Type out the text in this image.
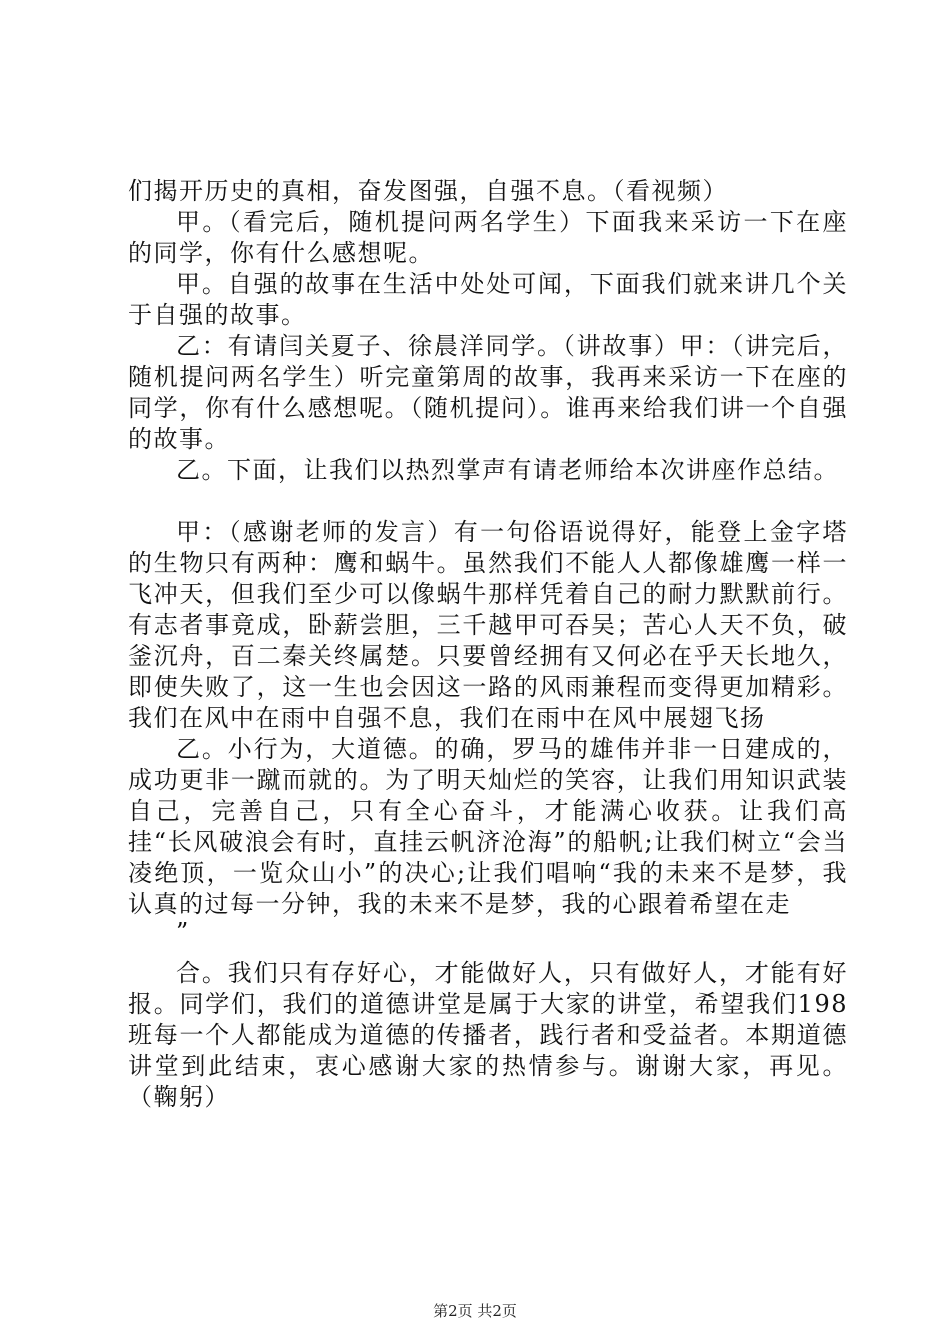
们揭开历史的真相，奋发图强，自强不息。（看视频）

甲。（看完后，随机提问两名学生）下面我来采访一下在座的同学，你有什么感想呢。

甲。自强的故事在生活中处处可闻，下面我们就来讲几个关于自强的故事。

乙：有请闫关夏子、徐晨洋同学。（讲故事）甲：（讲完后，随机提问两名学生）听完童第周的故事，我再来采访一下在座的同学，你有什么感想呢。（随机提问）。谁再来给我们讲一个自强的故事。

乙。下面，让我们以热烈掌声有请老师给本次讲座作总结。

甲：（感谢老师的发言）有一句俗语说得好，能登上金字塔的生物只有两种：鹰和蜗牛。虽然我们不能人人都像雄鹰一样一飞冲天，但我们至少可以像蜗牛那样凭着自己的耐力默默前行。有志者事竟成，卧薪尝胆，三千越甲可吞吴；苦心人天不负，破釜沉舟，百二秦关终属楚。只要曾经拥有又何必在乎天长地久，即使失败了，这一生也会因这一路的风雨兼程而变得更加精彩。我们在风中在雨中自强不息，我们在雨中在风中展翅飞扬

乙。小行为，大道德。的确，罗马的雄伟并非一日建成的，成功更非一蹴而就的。为了明天灿烂的笑容，让我们用知识武装自己，完善自己，只有全心奋斗，才能满心收获。让我们高挂“长风破浪会有时，直挂云帆济沧海”的船帆;让我们树立“会当凌绝顶，一览众山小”的决心;让我们唱响“我的未来不是梦，我认真的过每一分钟，我的未来不是梦，我的心跟着希望在走

”

合。我们只有存好心，才能做好人，只有做好人，才能有好报。同学们，我们的道德讲堂是属于大家的讲堂，希望我们198班每一个人都能成为道德的传播者，践行者和受益者。本期道德讲堂到此结束，衷心感谢大家的热情参与。谢谢大家，再见。（鞠躬）

第2页 共2页
